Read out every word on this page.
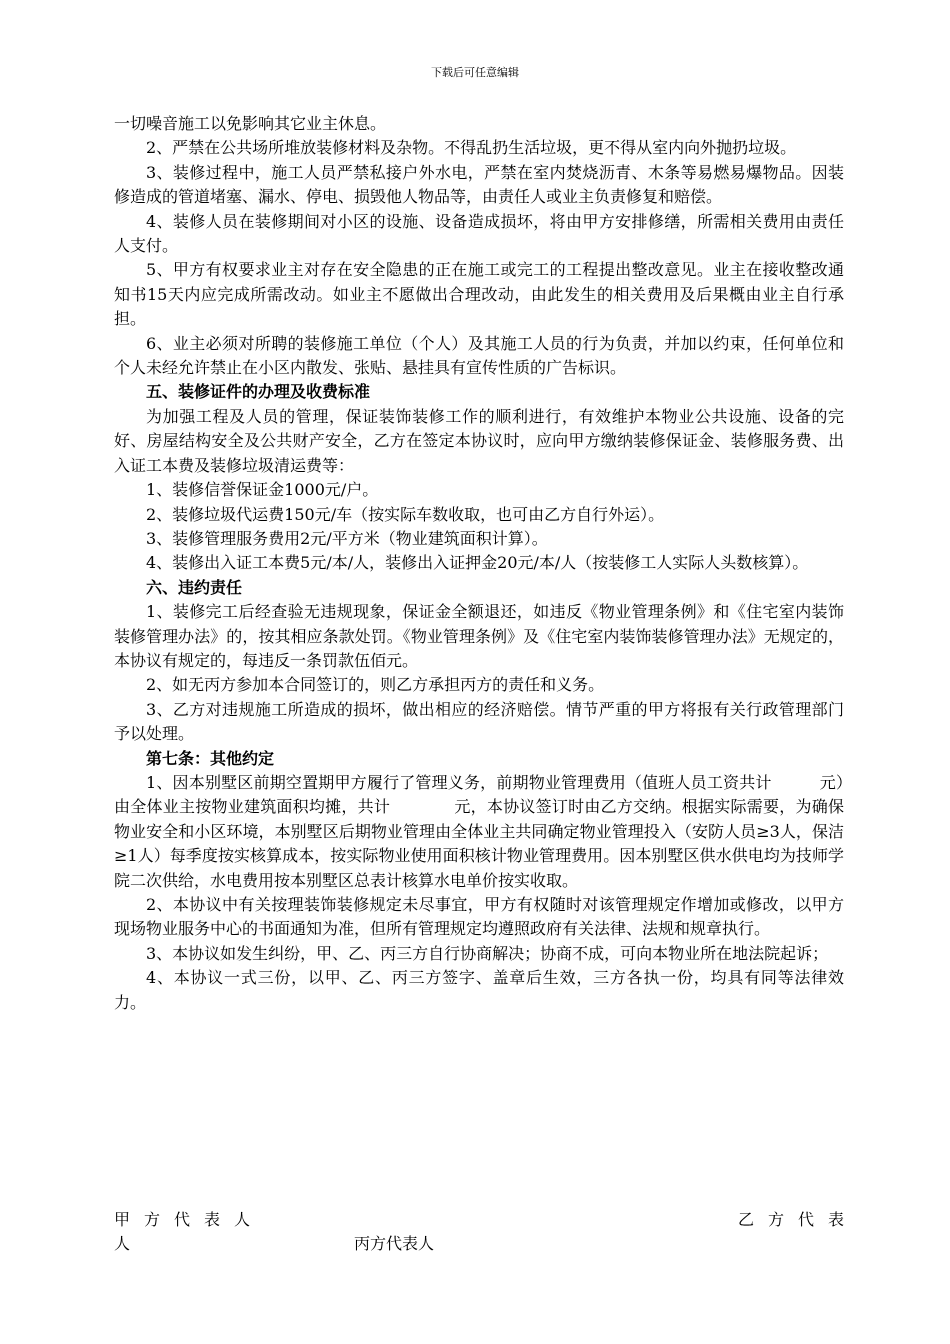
下载后可任意编辑

一切噪音施工以免影响其它业主休息。

2、严禁在公共场所堆放装修材料及杂物。不得乱扔生活垃圾，更不得从室内向外抛扔垃圾。

3、装修过程中，施工人员严禁私接户外水电，严禁在室内焚烧沥青、木条等易燃易爆物品。因装修造成的管道堵塞、漏水、停电、损毁他人物品等，由责任人或业主负责修复和赔偿。

4、装修人员在装修期间对小区的设施、设备造成损坏，将由甲方安排修缮，所需相关费用由责任人支付。

5、甲方有权要求业主对存在安全隐患的正在施工或完工的工程提出整改意见。业主在接收整改通知书15天内应完成所需改动。如业主不愿做出合理改动，由此发生的相关费用及后果概由业主自行承担。

6、业主必须对所聘的装修施工单位（个人）及其施工人员的行为负责，并加以约束，任何单位和个人未经允许禁止在小区内散发、张贴、悬挂具有宣传性质的广告标识。

五、装修证件的办理及收费标准

为加强工程及人员的管理，保证装饰装修工作的顺利进行，有效维护本物业公共设施、设备的完好、房屋结构安全及公共财产安全，乙方在签定本协议时，应向甲方缴纳装修保证金、装修服务费、出入证工本费及装修垃圾清运费等：

1、装修信誉保证金1000元/户。

2、装修垃圾代运费150元/车（按实际车数收取，也可由乙方自行外运）。

3、装修管理服务费用2元/平方米（物业建筑面积计算）。

4、装修出入证工本费5元/本/人，装修出入证押金20元/本/人（按装修工人实际人头数核算）。

六、违约责任

1、装修完工后经查验无违规现象，保证金全额退还，如违反《物业管理条例》和《住宅室内装饰装修管理办法》的，按其相应条款处罚。《物业管理条例》及《住宅室内装饰装修管理办法》无规定的，本协议有规定的，每违反一条罚款伍佰元。

2、如无丙方参加本合同签订的，则乙方承担丙方的责任和义务。

3、乙方对违规施工所造成的损坏，做出相应的经济赔偿。情节严重的甲方将报有关行政管理部门予以处理。

第七条：其他约定

1、因本别墅区前期空置期甲方履行了管理义务，前期物业管理费用（值班人员工资共计	元）由全体业主按物业建筑面积均摊，共计	元，本协议签订时由乙方交纳。根据实际需要，为确保物业安全和小区环境，本别墅区后期物业管理由全体业主共同确定物业管理投入（安防人员≥3人，保洁≥1人）每季度按实核算成本，按实际物业使用面积核计物业管理费用。因本别墅区供水供电均为技师学院二次供给，水电费用按本别墅区总表计核算水电单价按实收取。

2、本协议中有关按理装饰装修规定未尽事宜，甲方有权随时对该管理规定作增加或修改，以甲方现场物业服务中心的书面通知为准，但所有管理规定均遵照政府有关法律、法规和规章执行。

3、本协议如发生纠纷，甲、乙、丙三方自行协商解决；协商不成，可向本物业所在地法院起诉；

4、本协议一式三份，以甲、乙、丙三方签字、盖章后生效，三方各执一份，均具有同等法律效力。

甲方代表人	乙方代表
人	丙方代表人
